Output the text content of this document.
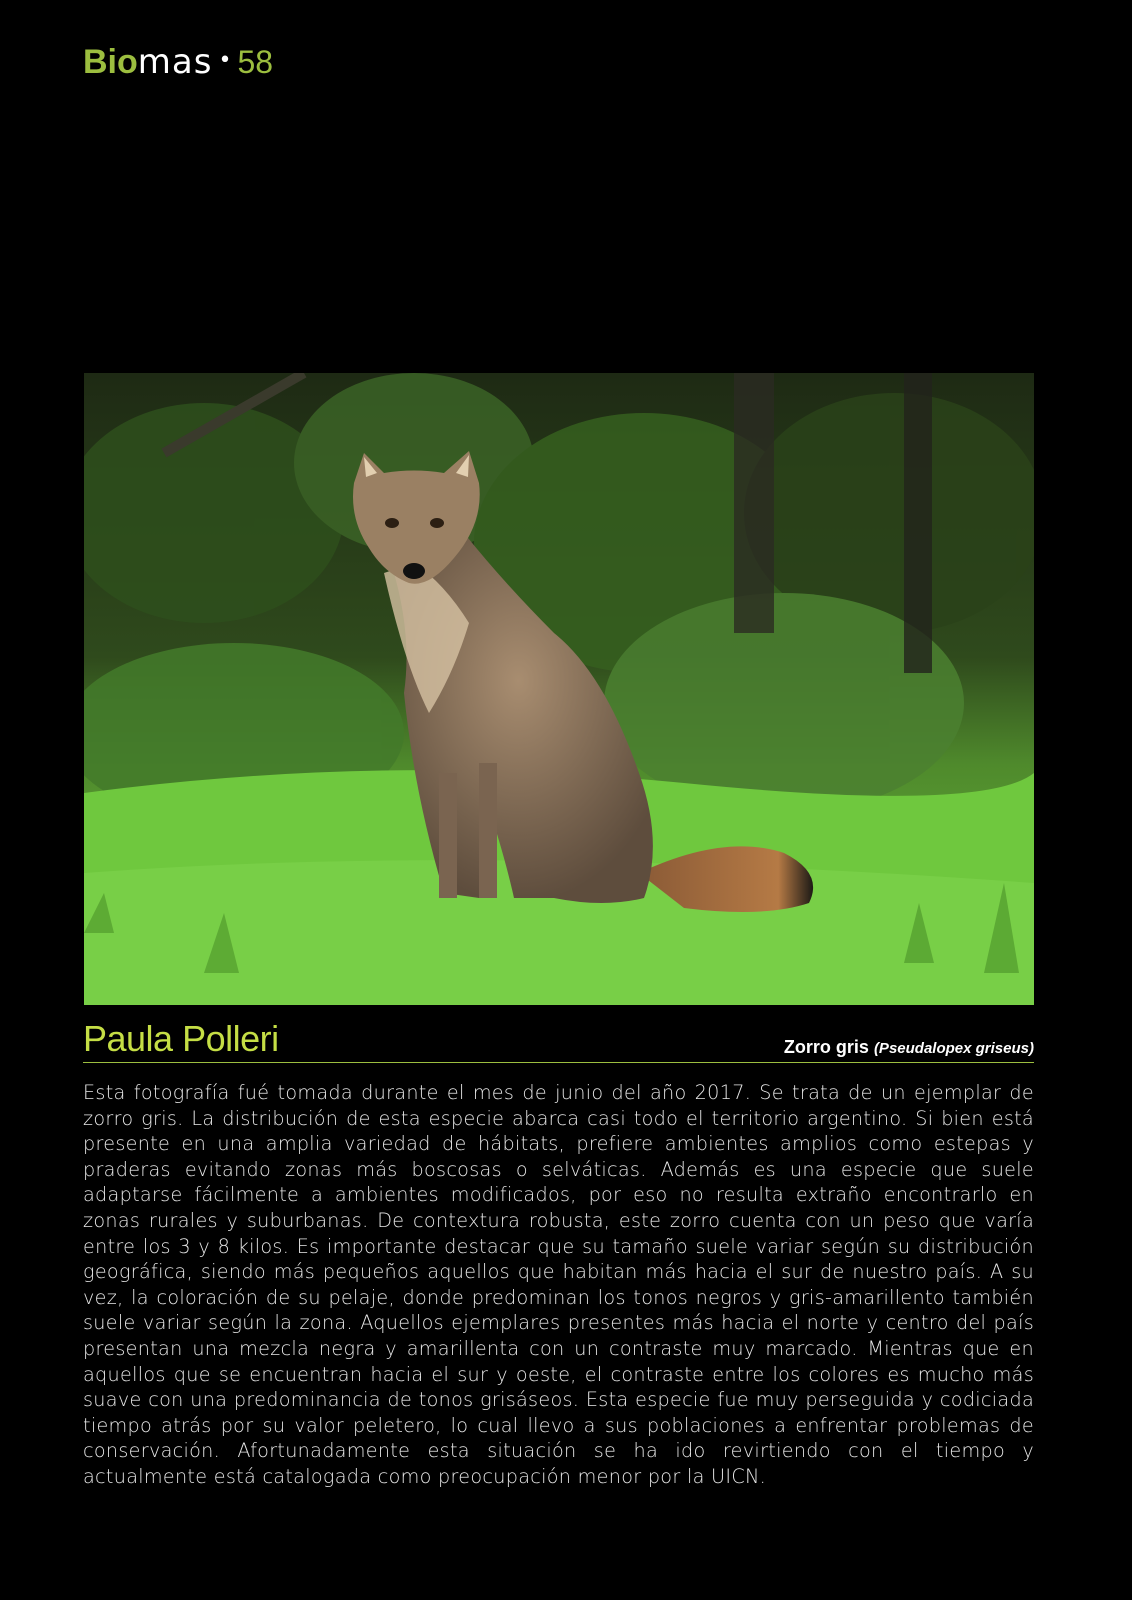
Bio mas • 58
Paula Polleri	Zorro gris (Pseudalopex griseus)
Esta fotografía fué tomada durante el mes de junio del año 2017. Se trata de un ejemplar de zorro gris. La distribución de esta especie abarca casi todo el territorio argentino. Si bien está presente en una amplia variedad de hábitats, prefiere ambientes amplios como estepas y praderas evitando zonas más boscosas o selváticas. Además es una especie que suele adaptarse fácilmente a ambientes modificados, por eso no resulta extraño encontrarlo en zonas rurales y suburbanas. De contextura robusta, este zorro cuenta con un peso que varía entre los 3 y 8 kilos. Es importante destacar que su tamaño suele variar según su distribución geográfica, siendo más pequeños aquellos que habitan más hacia el sur de nuestro país. A su vez, la coloración de su pelaje, donde predominan los tonos negros y gris-amarillento también suele variar según la zona. Aquellos ejemplares presentes más hacia el norte y centro del país presentan una mezcla negra y amarillenta con un contraste muy marcado. Mientras que en aquellos que se encuentran hacia el sur y oeste, el contraste entre los colores es mucho más suave con una predominancia de tonos grisáseos. Esta especie fue muy perseguida y codiciada tiempo atrás por su valor peletero, lo cual llevo a sus poblaciones a enfrentar problemas de conservación. Afortunadamente esta situación se ha ido revirtiendo con el tiempo y actualmente está catalogada como preocupación menor por la UICN.
